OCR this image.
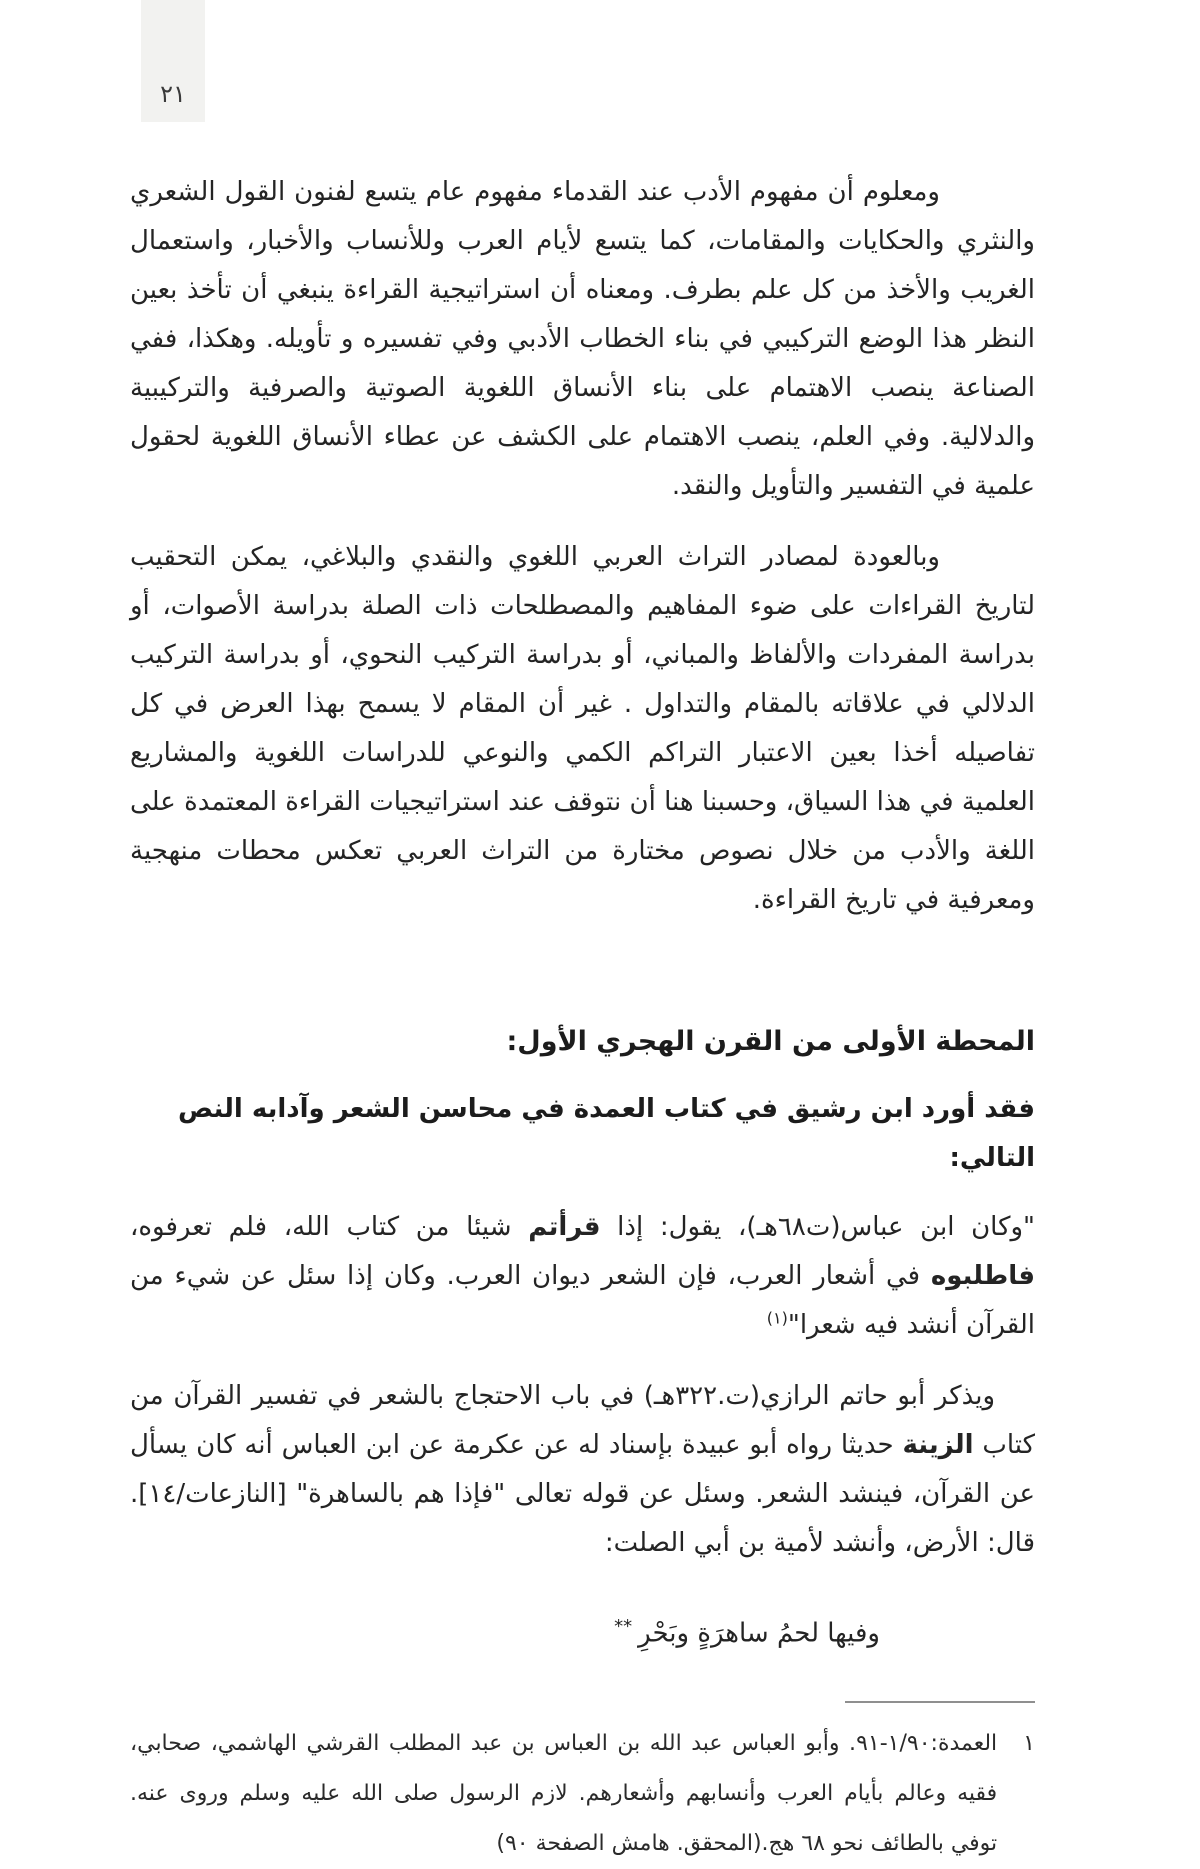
٢١

ومعلوم أن مفهوم الأدب عند القدماء مفهوم عام يتسع لفنون القول الشعري والنثري والحكايات والمقامات، كما يتسع لأيام العرب وللأنساب والأخبار، واستعمال الغريب والأخذ من كل علم بطرف. ومعناه أن استراتيجية القراءة ينبغي أن تأخذ بعين النظر هذا الوضع التركيبي في بناء الخطاب الأدبي وفي تفسيره و تأويله. وهكذا، ففي الصناعة ينصب الاهتمام على بناء الأنساق اللغوية الصوتية والصرفية والتركيبية والدلالية. وفي العلم، ينصب الاهتمام على الكشف عن عطاء الأنساق اللغوية لحقول علمية في التفسير والتأويل والنقد.

وبالعودة لمصادر التراث العربي اللغوي والنقدي والبلاغي، يمكن التحقيب لتاريخ القراءات على ضوء المفاهيم والمصطلحات ذات الصلة بدراسة الأصوات، أو بدراسة المفردات والألفاظ والمباني، أو بدراسة التركيب النحوي، أو بدراسة التركيب الدلالي في علاقاته بالمقام والتداول . غير أن المقام لا يسمح بهذا العرض في كل تفاصيله أخذا بعين الاعتبار التراكم الكمي والنوعي للدراسات اللغوية والمشاريع العلمية في هذا السياق، وحسبنا هنا أن نتوقف عند استراتيجيات القراءة المعتمدة على اللغة والأدب من خلال نصوص مختارة من التراث العربي تعكس محطات منهجية ومعرفية في تاريخ القراءة.

المحطة الأولى من القرن الهجري الأول:

فقد أورد ابن رشيق في كتاب العمدة في محاسن الشعر وآدابه النص التالي:

"وكان ابن عباس(ت٦٨هـ)، يقول: إذا قرأتم شيئا من كتاب الله، فلم تعرفوه، فاطلبوه في أشعار العرب، فإن الشعر ديوان العرب. وكان إذا سئل عن شيء من القرآن أنشد فيه شعرا"$^{(١)}$

ويذكر أبو حاتم الرازي(ت.٣٢٢هـ) في باب الاحتجاج بالشعر في تفسير القرآن من كتاب الزينة حديثا رواه أبو عبيدة بإسناد له عن عكرمة عن ابن العباس أنه كان يسأل عن القرآن، فينشد الشعر. وسئل عن قوله تعالى "فإذا هم بالساهرة" [النازعات/١٤]. قال: الأرض، وأنشد لأمية بن أبي الصلت:

وفيها لحمُ ساهرَةٍ وبَحْرِ**

١
العمدة:١/٩٠-٩١. وأبو العباس عبد الله بن العباس بن عبد المطلب القرشي الهاشمي، صحابي، فقيه وعالم بأيام العرب وأنسابهم وأشعارهم. لازم الرسول صلى الله عليه وسلم وروى عنه. توفي بالطائف نحو ٦٨ هج.(المحقق. هامش الصفحة ٩٠)
